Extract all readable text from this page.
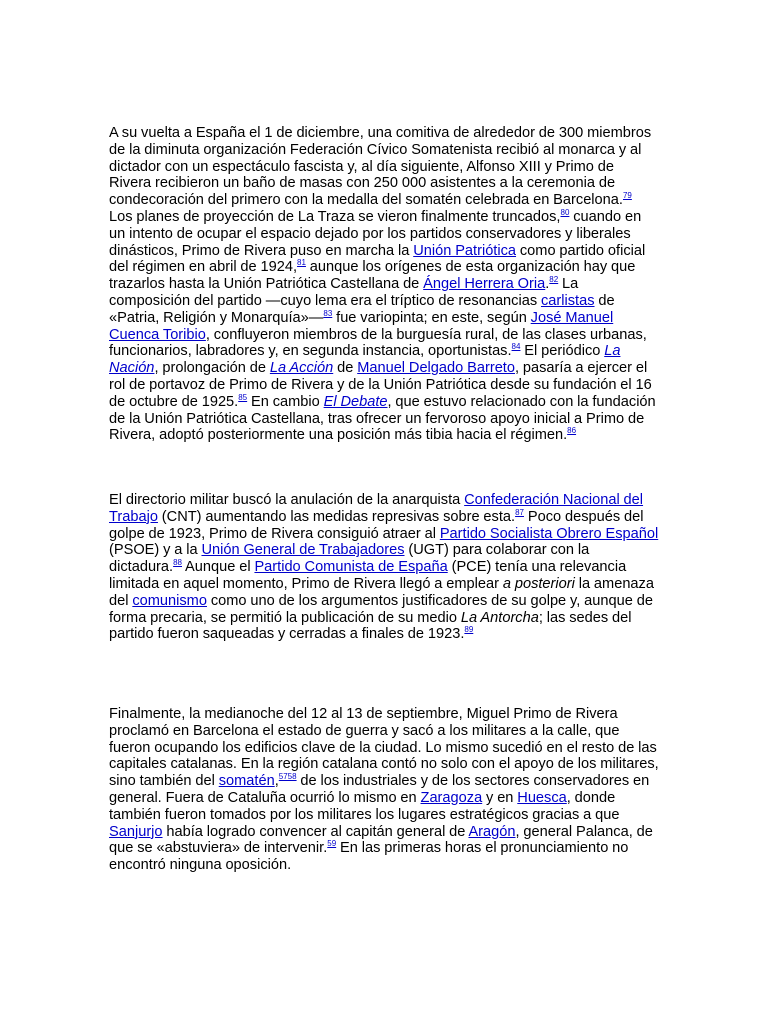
A su vuelta a España el 1 de diciembre, una comitiva de alrededor de 300 miembros de la diminuta organización Federación Cívico Somatenista recibió al monarca y al dictador con un espectáculo fascista y, al día siguiente, Alfonso XIII y Primo de Rivera recibieron un baño de masas con 250 000 asistentes a la ceremonia de condecoración del primero con la medalla del somatén celebrada en Barcelona.$^{79}$ Los planes de proyección de La Traza se vieron finalmente truncados,$^{80}$ cuando en un intento de ocupar el espacio dejado por los partidos conservadores y liberales dinásticos, Primo de Rivera puso en marcha la Unión Patriótica como partido oficial del régimen en abril de 1924,81 aunque los orígenes de esta organización hay que trazarlos hasta la Unión Patriótica Castellana de Ángel Herrera Oria.$^{82}$ La composición del partido —cuyo lema era el tríptico de resonancias carlistas de «Patria, Religión y Monarquía»—$^{83}$ fue variopinta; en este, según José Manuel Cuenca Toribio, confluyeron miembros de la burguesía rural, de las clases urbanas, funcionarios, labradores y, en segunda instancia, oportunistas.$^{84}$ El periódico La Nación, prolongación de La Acción de Manuel Delgado Barreto, pasaría a ejercer el rol de portavoz de Primo de Rivera y de la Unión Patriótica desde su fundación el 16 de octubre de 1925.85 En cambio El Debate, que estuvo relacionado con la fundación de la Unión Patriótica Castellana, tras ofrecer un fervoroso apoyo inicial a Primo de Rivera, adoptó posteriormente una posición más tibia hacia el régimen.$^{86}$

El directorio militar buscó la anulación de la anarquista Confederación Nacional del Trabajo (CNT) aumentando las medidas represivas sobre esta.$^{87}$ Poco después del golpe de 1923, Primo de Rivera consiguió atraer al Partido Socialista Obrero Español (PSOE) y a la Unión General de Trabajadores (UGT) para colaborar con la dictadura.$^{88}$ Aunque el Partido Comunista de España (PCE) tenía una relevancia limitada en aquel momento, Primo de Rivera llegó a emplear a posteriori la amenaza del comunismo como uno de los argumentos justificadores de su golpe y, aunque de forma precaria, se permitió la publicación de su medio La Antorcha; las sedes del partido fueron saqueadas y cerradas a finales de 1923.89

Finalmente, la medianoche del 12 al 13 de septiembre, Miguel Primo de Rivera proclamó en Barcelona el estado de guerra y sacó a los militares a la calle, que fueron ocupando los edificios clave de la ciudad. Lo mismo sucedió en el resto de las capitales catalanas. En la región catalana contó no solo con el apoyo de los militares, sino también del somatén,$^{5758}$ de los industriales y de los sectores conservadores en general. Fuera de Cataluña ocurrió lo mismo en Zaragoza y en Huesca, donde también fueron tomados por los militares los lugares estratégicos gracias a que Sanjurjo había logrado convencer al capitán general de Aragón, general Palanca, de que se «abstuviera» de intervenir.$^{59}$ En las primeras horas el pronunciamiento no encontró ninguna oposición.
